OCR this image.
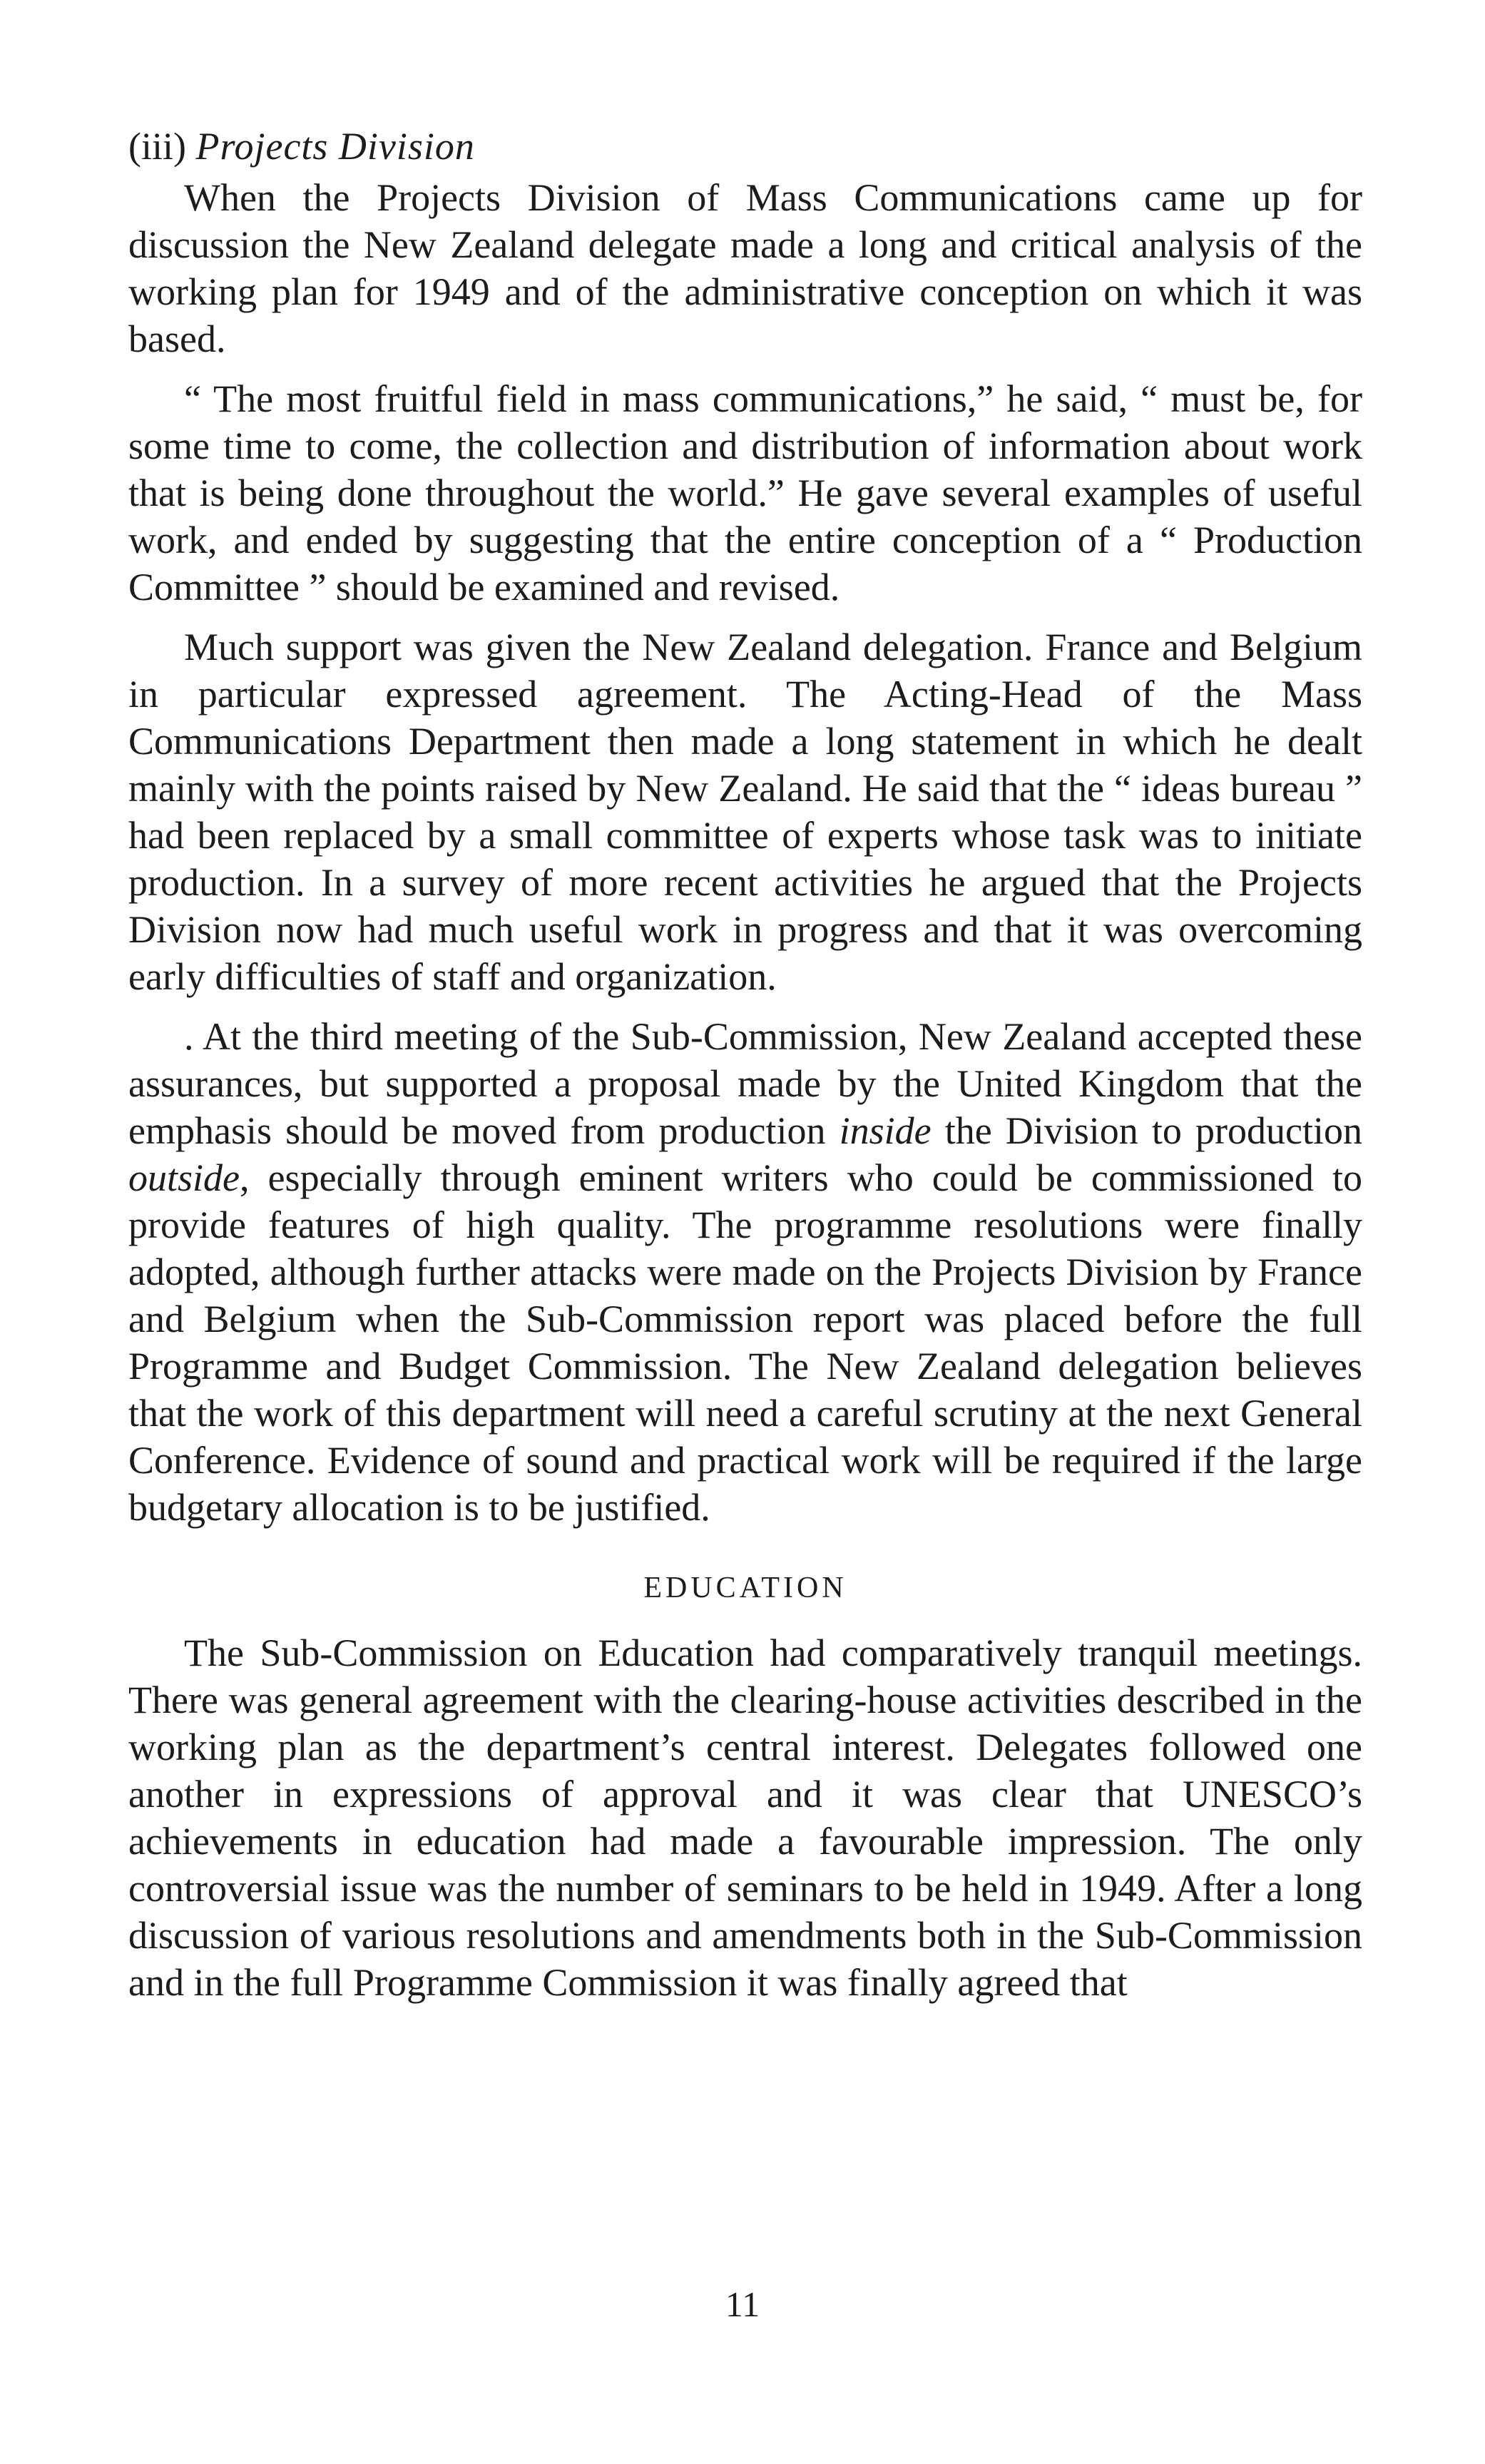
(iii) Projects Division

When the Projects Division of Mass Communications came up for discussion the New Zealand delegate made a long and critical analysis of the working plan for 1949 and of the administrative conception on which it was based.

“ The most fruitful field in mass communications,” he said, “ must be, for some time to come, the collection and distribution of information about work that is being done throughout the world.” He gave several examples of useful work, and ended by suggesting that the entire conception of a “ Production Committee ” should be examined and revised.

Much support was given the New Zealand delegation. France and Belgium in particular expressed agreement. The Acting-Head of the Mass Communications Department then made a long statement in which he dealt mainly with the points raised by New Zealand. He said that the “ ideas bureau ” had been replaced by a small committee of experts whose task was to initiate production. In a survey of more recent activities he argued that the Projects Division now had much useful work in progress and that it was overcoming early difficulties of staff and organization.

. At the third meeting of the Sub-Commission, New Zealand accepted these assurances, but supported a proposal made by the United Kingdom that the emphasis should be moved from production inside the Division to production outside, especially through eminent writers who could be commissioned to provide features of high quality. The programme resolutions were finally adopted, although further attacks were made on the Projects Division by France and Belgium when the Sub-Commission report was placed before the full Programme and Budget Commission. The New Zealand delegation believes that the work of this department will need a careful scrutiny at the next General Conference. Evidence of sound and practical work will be required if the large budgetary allocation is to be justified.

EDUCATION

The Sub-Commission on Education had comparatively tranquil meetings. There was general agreement with the clearing-house activities described in the working plan as the department’s central interest. Delegates followed one another in expressions of approval and it was clear that UNESCO’s achievements in education had made a favourable impression. The only controversial issue was the number of seminars to be held in 1949. After a long discussion of various resolutions and amendments both in the Sub-Commission and in the full Programme Commission it was finally agreed that

11
